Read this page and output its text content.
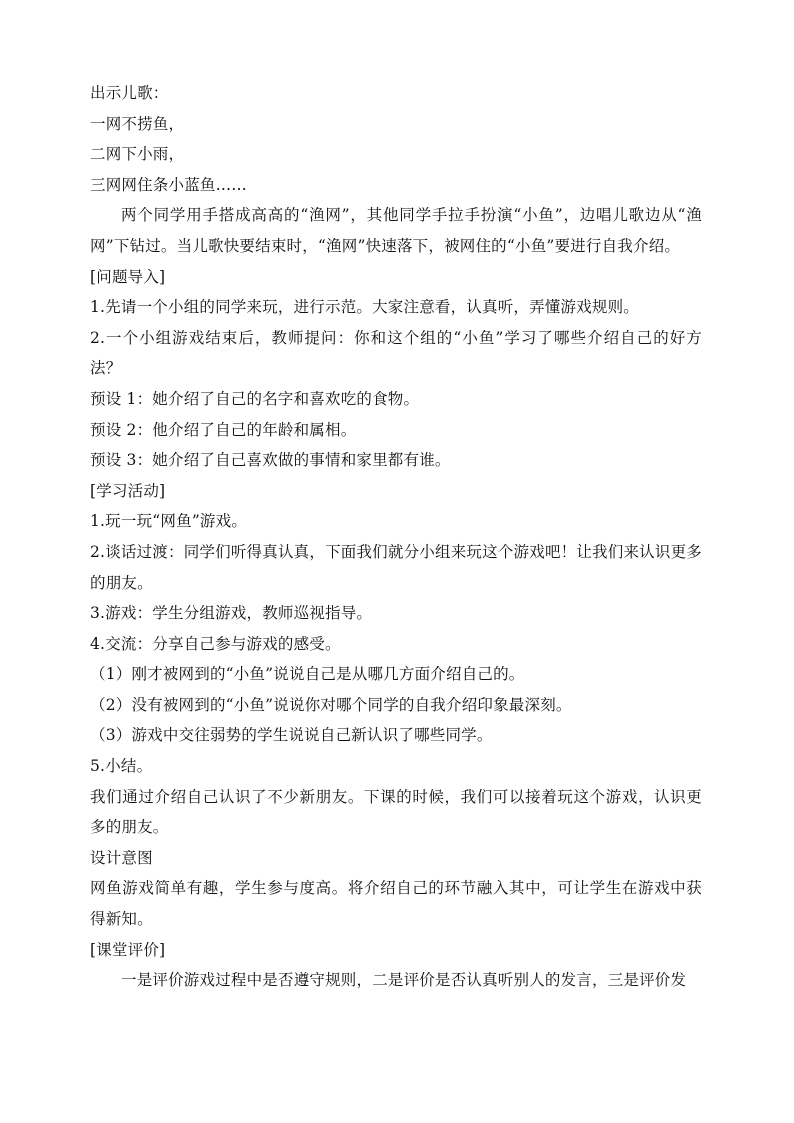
出示儿歌：

一网不捞鱼，

二网下小雨，

三网网住条小蓝鱼……

两个同学用手搭成高高的“渔网”，其他同学手拉手扮演“小鱼”，边唱儿歌边从“渔网”下钻过。当儿歌快要结束时，“渔网”快速落下，被网住的“小鱼”要进行自我介绍。

[问题导入]

1.先请一个小组的同学来玩，进行示范。大家注意看，认真听，弄懂游戏规则。

2.一个小组游戏结束后，教师提问：你和这个组的“小鱼”学习了哪些介绍自己的好方法？

预设 1：她介绍了自己的名字和喜欢吃的食物。

预设 2：他介绍了自己的年龄和属相。

预设 3：她介绍了自己喜欢做的事情和家里都有谁。

[学习活动]

1.玩一玩“网鱼”游戏。

2.谈话过渡：同学们听得真认真，下面我们就分小组来玩这个游戏吧！让我们来认识更多的朋友。

3.游戏：学生分组游戏，教师巡视指导。

4.交流：分享自己参与游戏的感受。

（1）刚才被网到的“小鱼”说说自己是从哪几方面介绍自己的。

（2）没有被网到的“小鱼”说说你对哪个同学的自我介绍印象最深刻。

（3）游戏中交往弱势的学生说说自己新认识了哪些同学。

5.小结。

我们通过介绍自己认识了不少新朋友。下课的时候，我们可以接着玩这个游戏，认识更多的朋友。

设计意图

网鱼游戏简单有趣，学生参与度高。将介绍自己的环节融入其中，可让学生在游戏中获得新知。

[课堂评价]

一是评价游戏过程中是否遵守规则，二是评价是否认真听别人的发言，三是评价发
